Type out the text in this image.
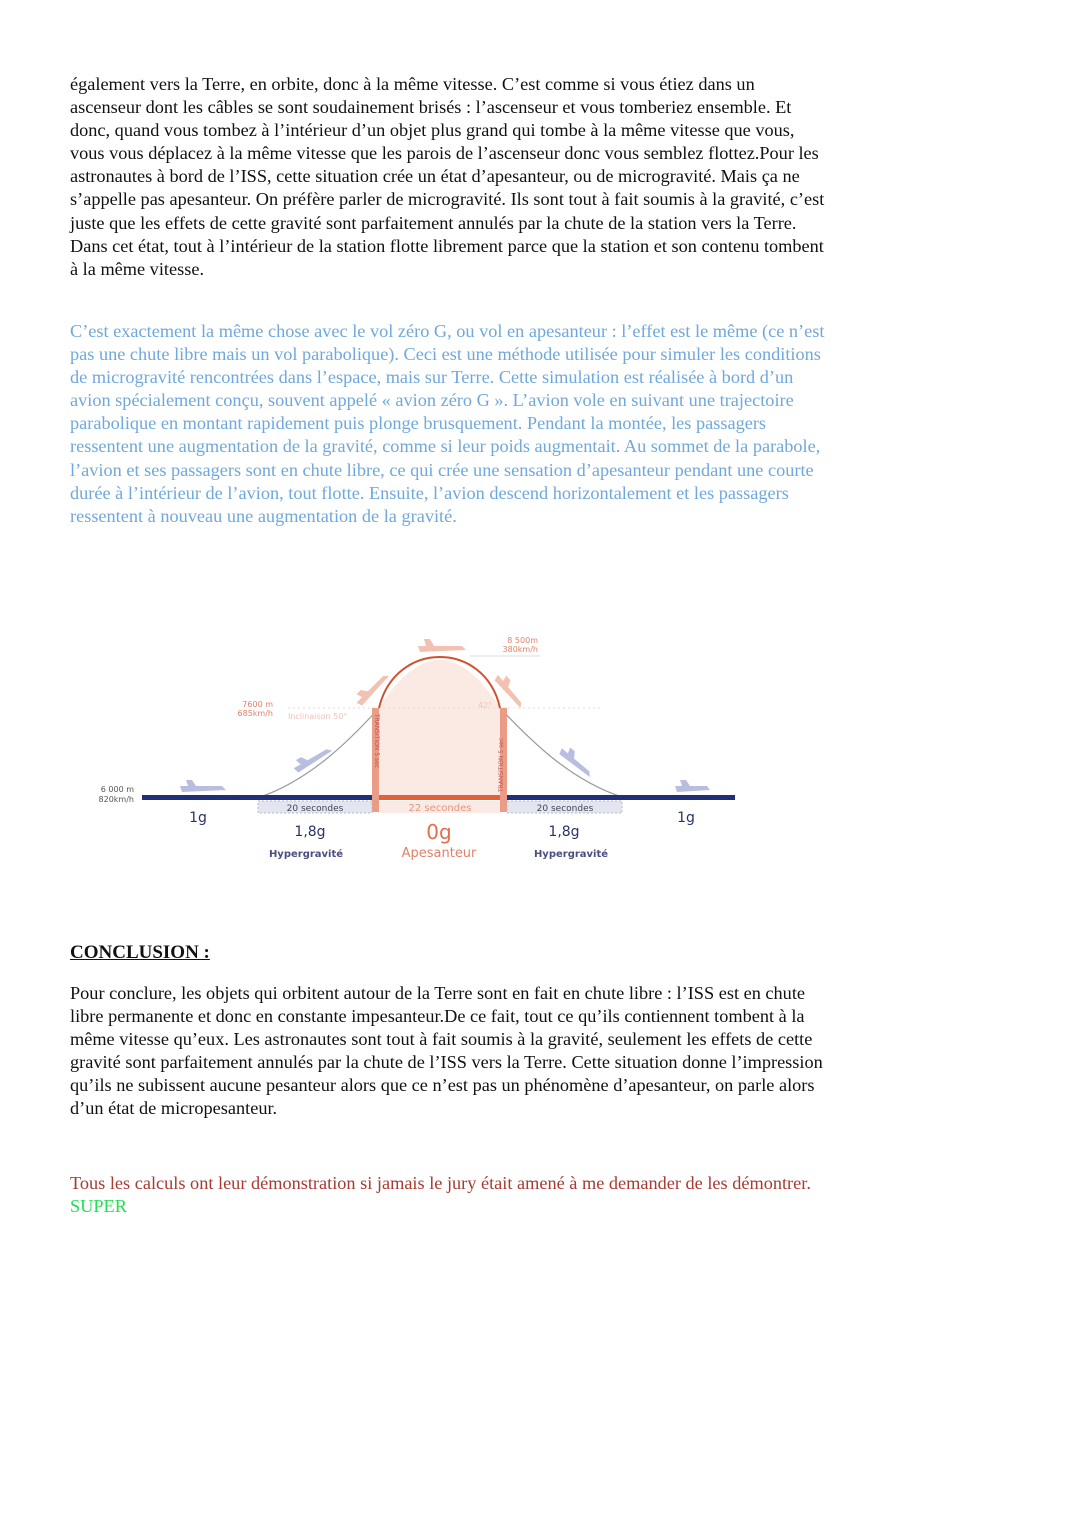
également vers la Terre, en orbite, donc à la même vitesse. C’est comme si vous étiez dans un ascenseur dont les câbles se sont soudainement brisés : l’ascenseur et vous tomberiez ensemble. Et donc, quand vous tombez à l’intérieur d’un objet plus grand qui tombe à la même vitesse que vous, vous vous déplacez à la même vitesse que les parois de l’ascenseur donc vous semblez flottez.Pour les astronautes à bord de l’ISS, cette situation crée un état d’apesanteur, ou de microgravité. Mais ça ne s’appelle pas apesanteur. On préfère parler de microgravité. Ils sont tout à fait soumis à la gravité, c’est juste que les effets de cette gravité sont parfaitement annulés par la chute de la station vers la Terre. Dans cet état, tout à l’intérieur de la station flotte librement parce que la station et son contenu tombent à la même vitesse.

C’est exactement la même chose avec le vol zéro G, ou vol en apesanteur : l’effet est le même (ce n’est pas une chute libre mais un vol parabolique). Ceci est une méthode utilisée pour simuler les conditions de microgravité rencontrées dans l’espace, mais sur Terre. Cette simulation est réalisée à bord d’un avion spécialement conçu, souvent appelé « avion zéro G ». L’avion vole en suivant une trajectoire parabolique en montant rapidement puis plonge brusquement. Pendant la montée, les passagers ressentent une augmentation de la gravité, comme si leur poids augmentait. Au sommet de la parabole, l’avion et ses passagers sont en chute libre, ce qui crée une sensation d’apesanteur pendant une courte durée à l’intérieur de l’avion, tout flotte. Ensuite, l’avion descend horizontalement et les passagers ressentent à nouveau une augmentation de la gravité.

6 000 m
820km/h
7600 m
685km/h Inclinaison 50°
8 500m
380km/h
42°
TRANSITION 5 sec	TRANSITION 5 sec
20 secondes	22 secondes	20 secondes
1g	1g
1,8g	0g	1,8g
Hypergravité	Apesanteur	Hypergravité
CONCLUSION :

Pour conclure, les objets qui orbitent autour de la Terre sont en fait en chute libre : l’ISS est en chute libre permanente et donc en constante impesanteur.De ce fait, tout ce qu’ils contiennent tombent à la même vitesse qu’eux. Les astronautes sont tout à fait soumis à la gravité, seulement les effets de cette gravité sont parfaitement annulés par la chute de l’ISS vers la Terre. Cette situation donne l’impression qu’ils ne subissent aucune pesanteur alors que ce n’est pas un phénomène d’apesanteur, on parle alors d’un état de micropesanteur.

Tous les calculs ont leur démonstration si jamais le jury était amené à me demander de les démontrer. SUPER
